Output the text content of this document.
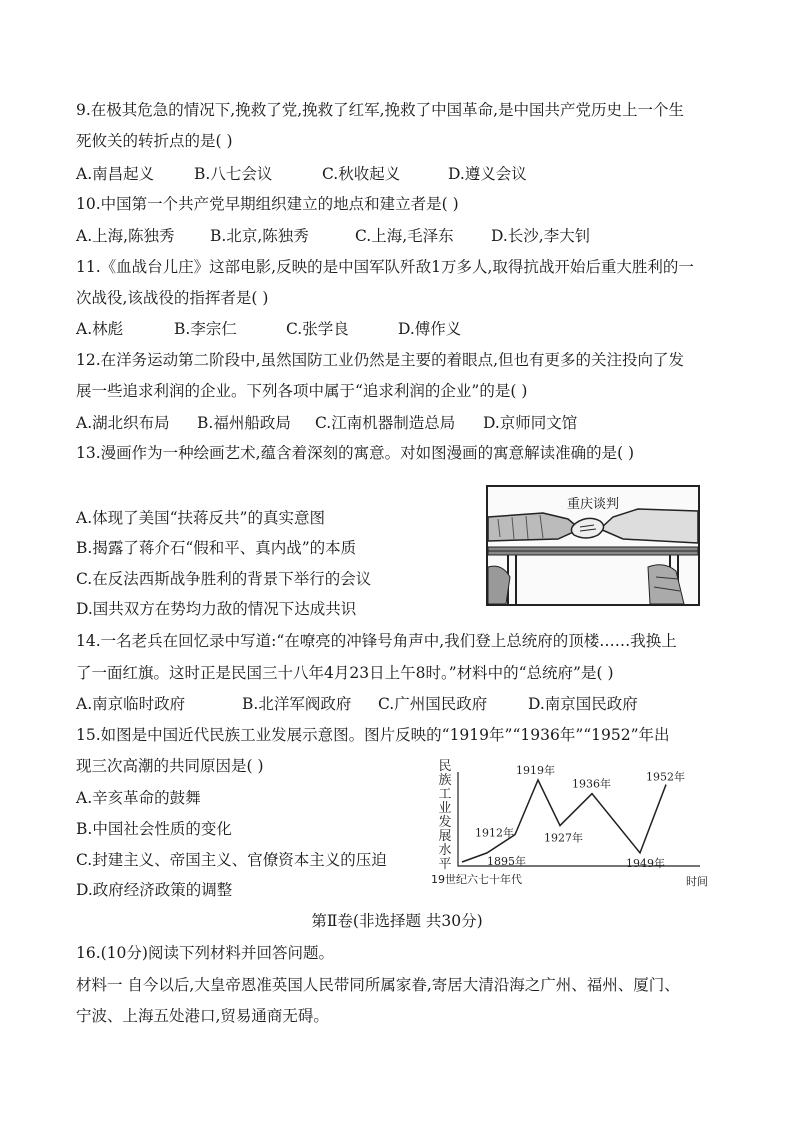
9.在极其危急的情况下,挽救了党,挽救了红军,挽救了中国革命,是中国共产党历史上一个生
死攸关的转折点的是( )
A.南昌起义	B.八七会议	C.秋收起义	D.遵义会议
10.中国第一个共产党早期组织建立的地点和建立者是( )
A.上海,陈独秀 B.北京,陈独秀	C.上海,毛泽东 D.长沙,李大钊
11.《血战台儿庄》这部电影,反映的是中国军队歼敌1万多人,取得抗战开始后重大胜利的一
次战役,该战役的指挥者是( )
A.林彪	B.李宗仁	C.张学良	D.傅作义
12.在洋务运动第二阶段中,虽然国防工业仍然是主要的着眼点,但也有更多的关注投向了发
展一些追求利润的企业。下列各项中属于“追求利润的企业”的是( )
A.湖北织布局 B.福州船政局 C.江南机器制造总局 D.京师同文馆
13.漫画作为一种绘画艺术,蕴含着深刻的寓意。对如图漫画的寓意解读准确的是( )
A.体现了美国“扶蒋反共”的真实意图
B.揭露了蒋介石“假和平、真内战”的本质
C.在反法西斯战争胜利的背景下举行的会议
D.国共双方在势均力敌的情况下达成共识
重庆谈判
14.一名老兵在回忆录中写道:“在嘹亮的冲锋号角声中,我们登上总统府的顶楼……我换上
了一面红旗。这时正是民国三十八年4月23日上午8时。”材料中的“总统府”是( )
A.南京临时政府	B.北洋军阀政府 C.广州国民政府	D.南京国民政府
15.如图是中国近代民族工业发展示意图。图片反映的“1919年”“1936年”“1952”年出
现三次高潮的共同原因是( )
A.辛亥革命的鼓舞
B.中国社会性质的变化
C.封建主义、帝国主义、官僚资本主义的压迫
D.政府经济政策的调整
民族工业发展水平	1895年
1912年
1919年
1927年
1936年
1949年
1952年
19世纪六七十年代	时间
第Ⅱ卷(非选择题 共30分)
16.(10分)阅读下列材料并回答问题。
材料一 自今以后,大皇帝恩准英国人民带同所属家眷,寄居大清沿海之广州、福州、厦门、
宁波、上海五处港口,贸易通商无碍。
